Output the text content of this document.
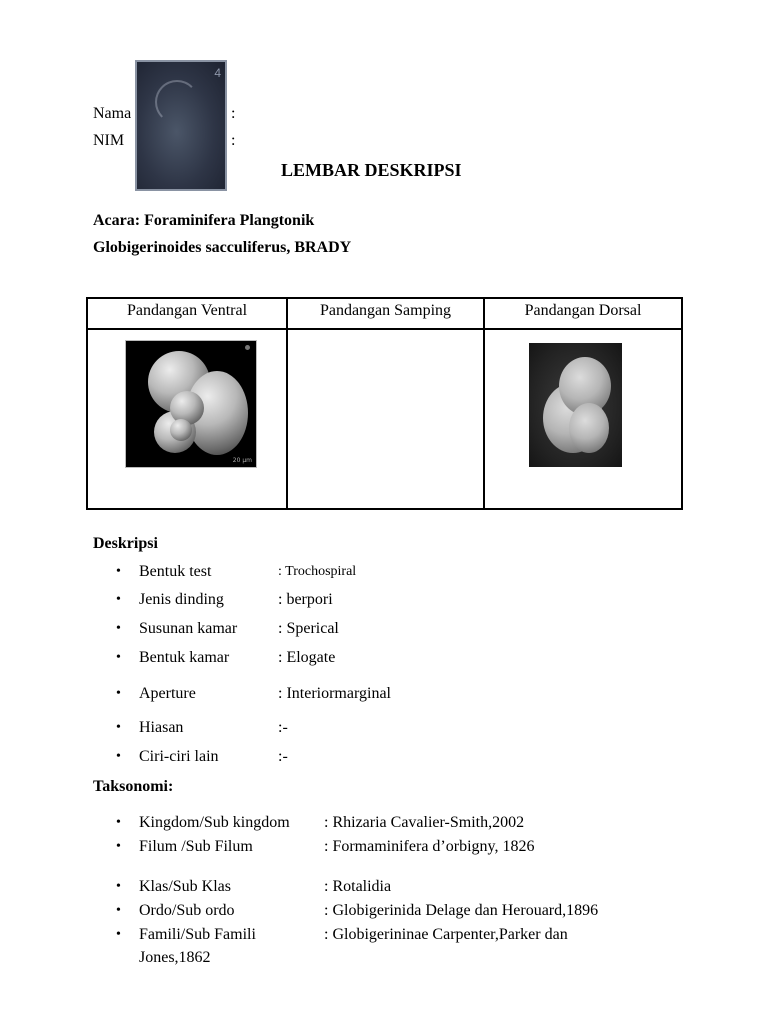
Nama	:
NIM	:
4
LEMBAR DESKRIPSI
Acara: Foraminifera Plangtonik
Globigerinoides sacculiferus, BRADY
Pandangan Ventral	Pandangan Samping	Pandangan Dorsal
20 µm
Deskripsi
• Bentuk test	: Trochospiral
• Jenis dinding	: berpori
• Susunan kamar	: Sperical
• Bentuk kamar	: Elogate
• Aperture	: Interiormarginal
• Hiasan	:-
• Ciri-ciri lain	:-
Taksonomi:
• Kingdom/Sub kingdom : Rhizaria Cavalier-Smith,2002
• Filum /Sub Filum	: Formaminifera d’orbigny, 1826
• Klas/Sub Klas	: Rotalidia
• Ordo/Sub ordo	: Globigerinida Delage dan Herouard,1896
• Famili/Sub Famili	: Globigerininae Carpenter,Parker dan
Jones,1862
